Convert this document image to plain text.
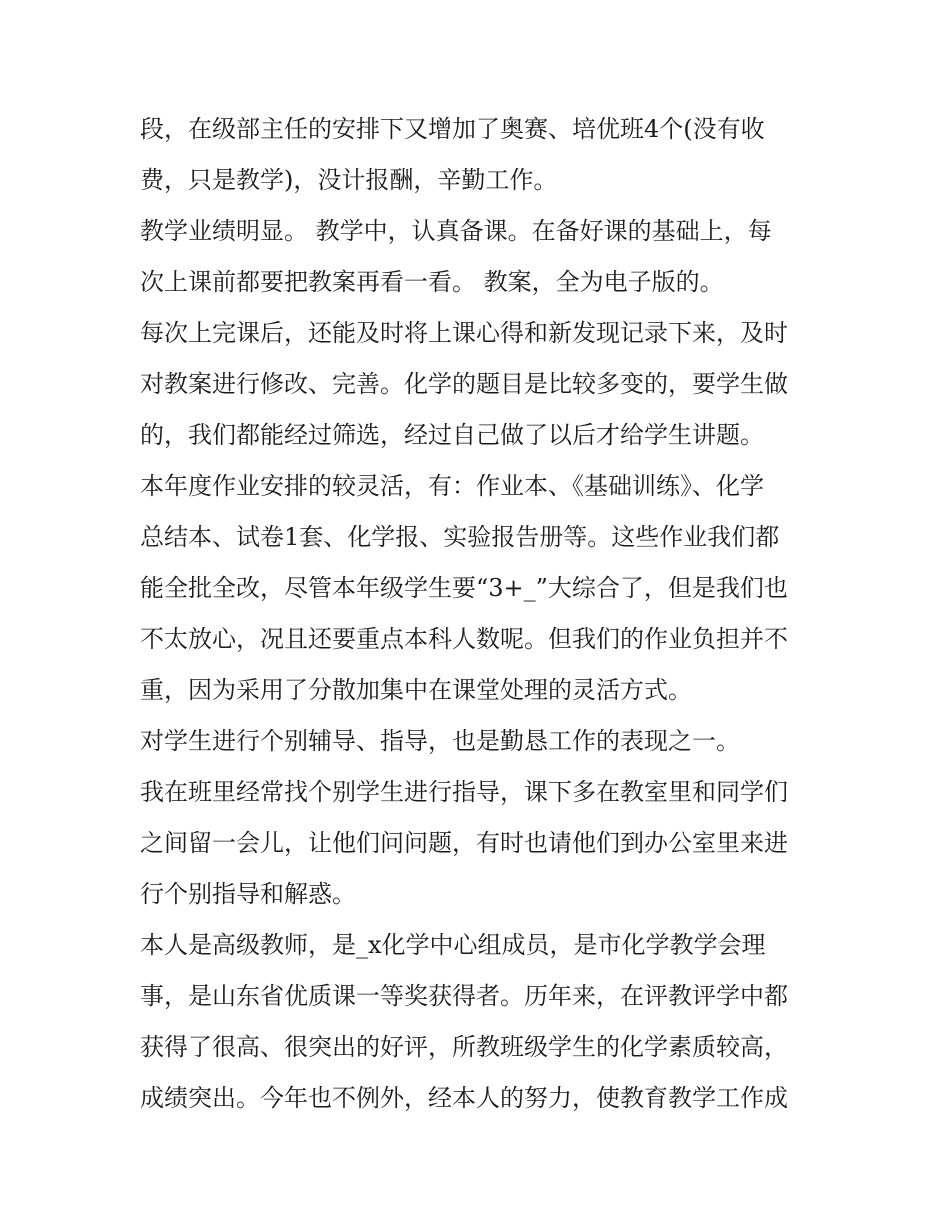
段，在级部主任的安排下又增加了奥赛、培优班4个(没有收
费，只是教学)，没计报酬，辛勤工作。
教学业绩明显。 教学中，认真备课。在备好课的基础上，每
次上课前都要把教案再看一看。 教案，全为电子版的。
每次上完课后，还能及时将上课心得和新发现记录下来，及时
对教案进行修改、完善。化学的题目是比较多变的，要学生做
的，我们都能经过筛选，经过自己做了以后才给学生讲题。
本年度作业安排的较灵活，有：作业本、《基础训练》、化学
总结本、试卷1套、化学报、实验报告册等。这些作业我们都
能全批全改，尽管本年级学生要“3+_”大综合了，但是我们也
不太放心，况且还要重点本科人数呢。但我们的作业负担并不
重，因为采用了分散加集中在课堂处理的灵活方式。
对学生进行个别辅导、指导，也是勤恳工作的表现之一。
我在班里经常找个别学生进行指导，课下多在教室里和同学们
之间留一会儿，让他们问问题，有时也请他们到办公室里来进
行个别指导和解惑。
本人是高级教师，是_x化学中心组成员，是市化学教学会理
事，是山东省优质课一等奖获得者。历年来，在评教评学中都
获得了很高、很突出的好评，所教班级学生的化学素质较高，
成绩突出。今年也不例外，经本人的努力，使教育教学工作成
